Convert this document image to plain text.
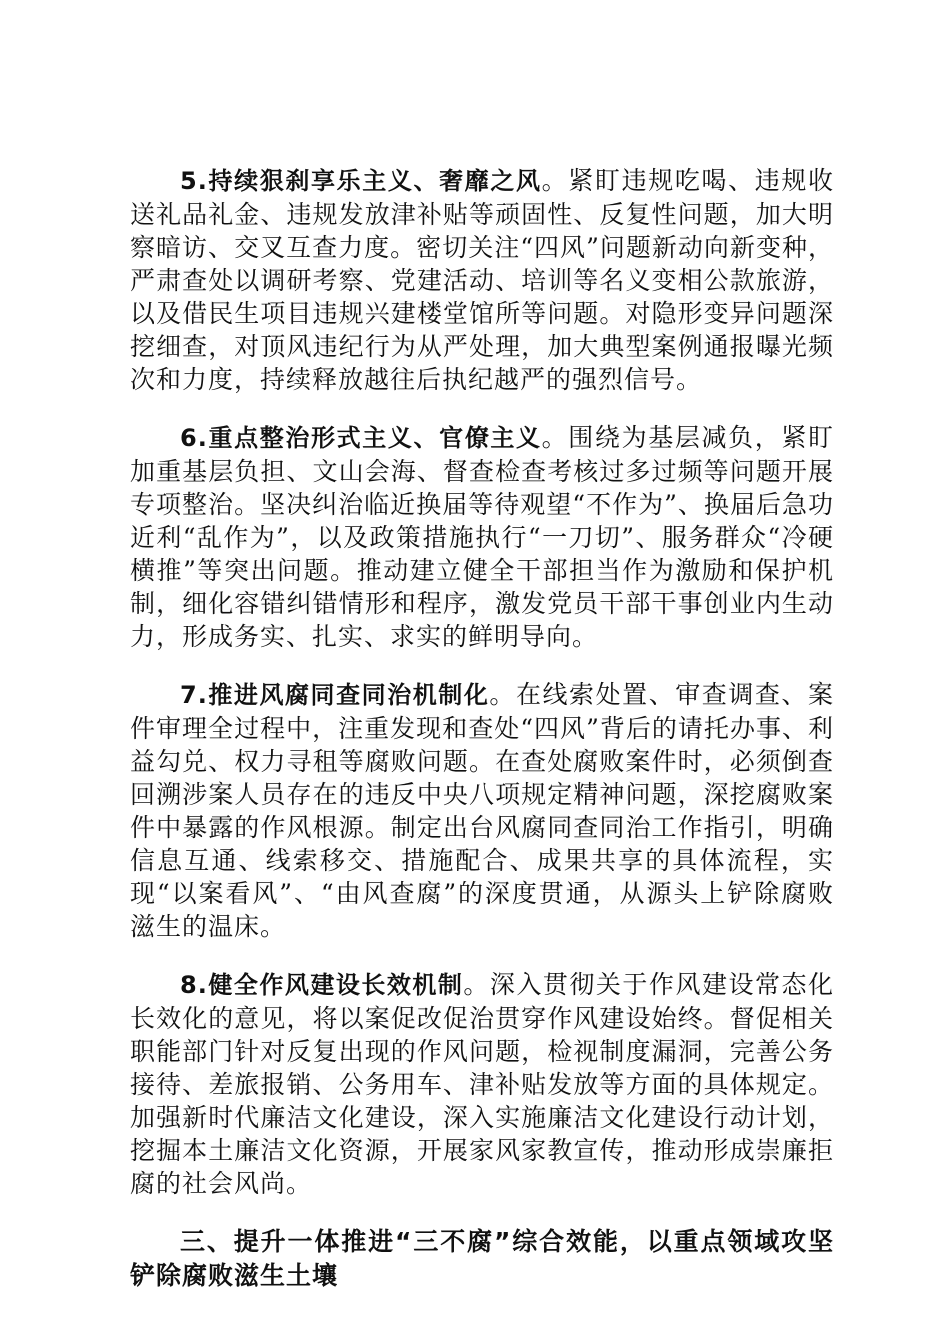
5.持续狠刹享乐主义、奢靡之风。紧盯违规吃喝、违规收送礼品礼金、违规发放津补贴等顽固性、反复性问题，加大明察暗访、交叉互查力度。密切关注“四风”问题新动向新变种，严肃查处以调研考察、党建活动、培训等名义变相公款旅游，以及借民生项目违规兴建楼堂馆所等问题。对隐形变异问题深挖细查，对顶风违纪行为从严处理，加大典型案例通报曝光频次和力度，持续释放越往后执纪越严的强烈信号。

6.重点整治形式主义、官僚主义。围绕为基层减负，紧盯加重基层负担、文山会海、督查检查考核过多过频等问题开展专项整治。坚决纠治临近换届等待观望“不作为”、换届后急功近利“乱作为”，以及政策措施执行“一刀切”、服务群众“冷硬横推”等突出问题。推动建立健全干部担当作为激励和保护机制，细化容错纠错情形和程序，激发党员干部干事创业内生动力，形成务实、扎实、求实的鲜明导向。

7.推进风腐同查同治机制化。在线索处置、审查调查、案件审理全过程中，注重发现和查处“四风”背后的请托办事、利益勾兑、权力寻租等腐败问题。在查处腐败案件时，必须倒查回溯涉案人员存在的违反中央八项规定精神问题，深挖腐败案件中暴露的作风根源。制定出台风腐同查同治工作指引，明确信息互通、线索移交、措施配合、成果共享的具体流程，实现“以案看风”、“由风查腐”的深度贯通，从源头上铲除腐败滋生的温床。

8.健全作风建设长效机制。深入贯彻关于作风建设常态化长效化的意见，将以案促改促治贯穿作风建设始终。督促相关职能部门针对反复出现的作风问题，检视制度漏洞，完善公务接待、差旅报销、公务用车、津补贴发放等方面的具体规定。加强新时代廉洁文化建设，深入实施廉洁文化建设行动计划，挖掘本土廉洁文化资源，开展家风家教宣传，推动形成崇廉拒腐的社会风尚。

三、提升一体推进“三不腐”综合效能，以重点领域攻坚铲除腐败滋生土壤
